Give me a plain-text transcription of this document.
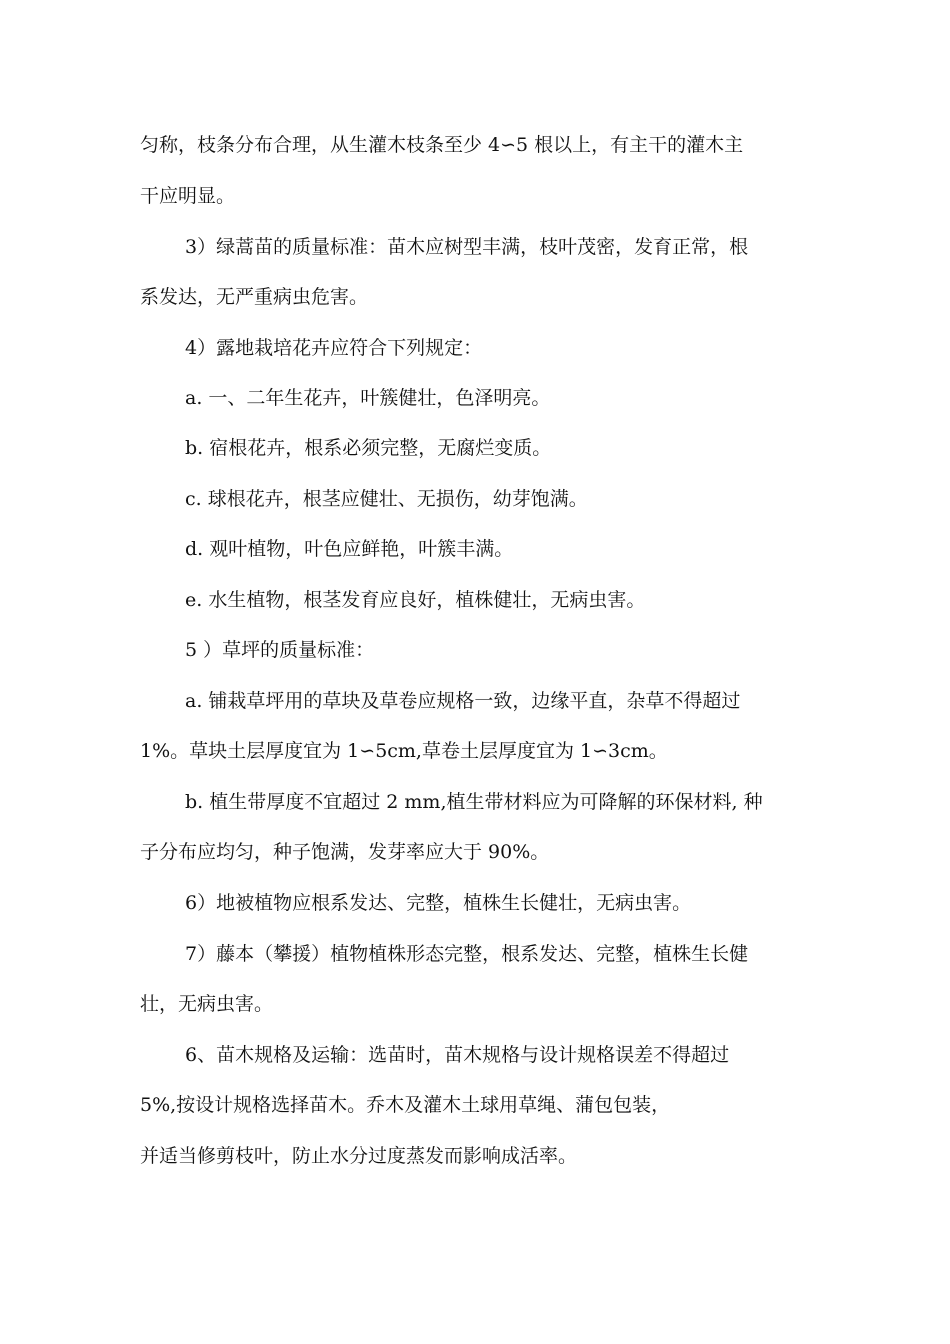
匀称，枝条分布合理，从生灌木枝条至少 4∽5 根以上，有主干的灌木主
干应明显。
3）绿蒿苗的质量标准：苗木应树型丰满，枝叶茂密，发育正常，根
系发达，无严重病虫危害。
4）露地栽培花卉应符合下列规定：
a. 一、二年生花卉，叶簇健壮，色泽明亮。
b. 宿根花卉，根系必须完整，无腐烂变质。
c. 球根花卉，根茎应健壮、无损伤，幼芽饱满。
d. 观叶植物，叶色应鲜艳，叶簇丰满。
e. 水生植物，根茎发育应良好，植株健壮，无病虫害。
5 ）草坪的质量标准：
a. 铺栽草坪用的草块及草卷应规格一致，边缘平直，杂草不得超过
1%。草块土层厚度宜为 1∽5cm,草卷土层厚度宜为 1∽3cm。
b. 植生带厚度不宜超过 2 mm,植生带材料应为可降解的环保材料, 种
子分布应均匀，种子饱满，发芽率应大于 90%。
6）地被植物应根系发达、完整，植株生长健壮，无病虫害。
7）藤本（攀援）植物植株形态完整，根系发达、完整，植株生长健
壮，无病虫害。
6、苗木规格及运输：选苗时，苗木规格与设计规格误差不得超过
5%,按设计规格选择苗木。乔木及灌木土球用草绳、蒲包包装，
并适当修剪枝叶，防止水分过度蒸发而影响成活率。
